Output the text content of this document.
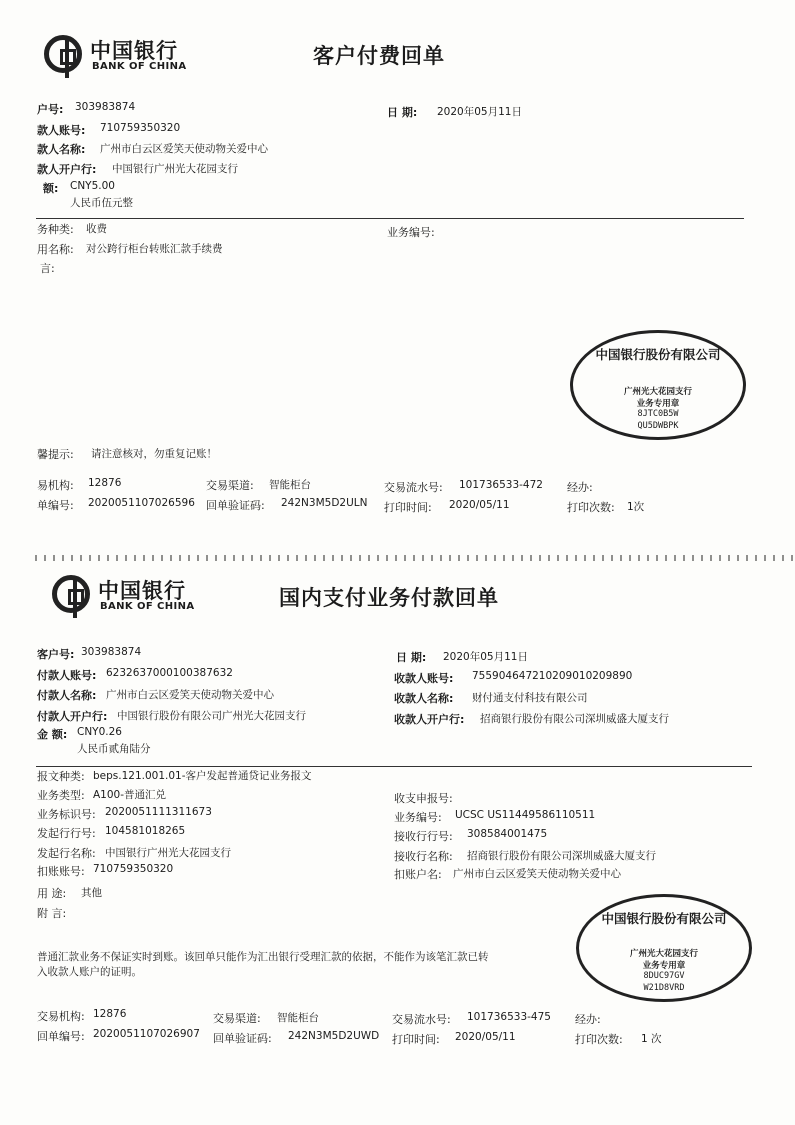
中国银行
BANK OF CHINA	客户付费回单
户号: 303983874	日 期: 2020年05月11日
款人账号: 710759350320
款人名称: 广州市白云区爱笑天使动物关爱中心
款人开户行: 中国银行广州光大花园支行
额: CNY5.00
人民币伍元整
务种类: 收费	业务编号:
用名称: 对公跨行柜台转账汇款手续费
言:
中国银行股份有限公司
广州光大花园支行
业务专用章
8JTC0B5W
QU5DWBPK
馨提示: 请注意核对，勿重复记账！
易机构: 12876	交易渠道: 智能柜台	交易流水号: 101736533-472 经办:
单编号: 2020051107026596 回单验证码: 242N3M5D2ULN 打印时间: 2020/05/11	打印次数: 1次
中国银行
BANK OF CHINA	国内支付业务付款回单
客户号: 303983874	日 期: 2020年05月11日
付款人账号: 6232637000100387632	收款人账号: 755904647210209010209890
付款人名称: 广州市白云区爱笑天使动物关爱中心	收款人名称: 财付通支付科技有限公司
付款人开户行: 中国银行股份有限公司广州光大花园支行	收款人开户行: 招商银行股份有限公司深圳威盛大厦支行
金 额: CNY0.26
人民币贰角陆分
报文种类: beps.121.001.01-客户发起普通贷记业务报文
业务类型: A100-普通汇兑	收支申报号:
业务标识号: 2020051111311673	业务编号: UCSC US11449586110511
发起行行号: 104581018265	接收行行号: 308584001475
发起行名称: 中国银行广州光大花园支行	接收行名称: 招商银行股份有限公司深圳威盛大厦支行
扣账账号: 710759350320	扣账户名: 广州市白云区爱笑天使动物关爱中心
用 途: 其他
附 言:
普通汇款业务不保证实时到账。该回单只能作为汇出银行受理汇款的依据，不能作为该笔汇款已转
入收款人账户的证明。
中国银行股份有限公司
广州光大花园支行
业务专用章
8DUC97GV
W21D8VRD
交易机构: 12876	交易渠道: 智能柜台	交易流水号: 101736533-475 经办:
回单编号: 2020051107026907 回单验证码: 242N3M5D2UWD 打印时间: 2020/05/11	打印次数: 1 次
